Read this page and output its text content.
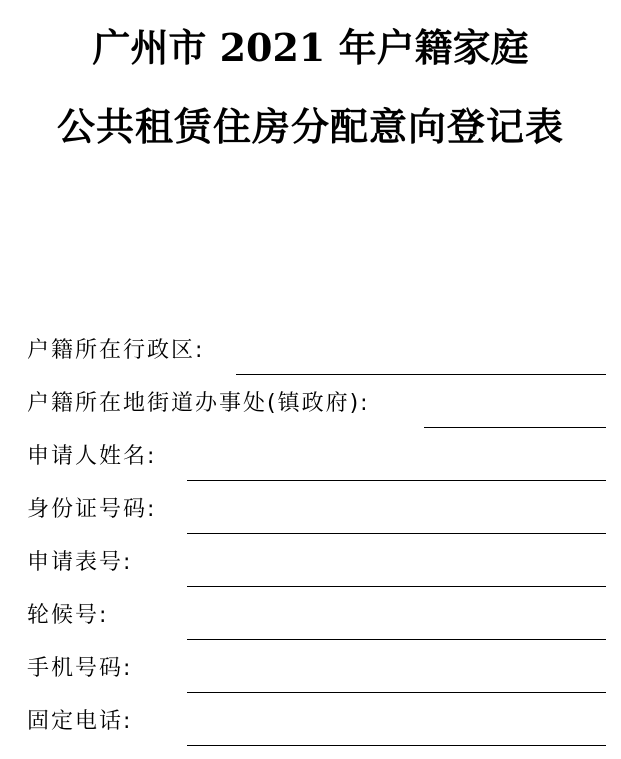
广州市 2021 年户籍家庭
公共租赁住房分配意向登记表
户籍所在行政区:
户籍所在地街道办事处(镇政府):
申请人姓名:
身份证号码:
申请表号:
轮候号:
手机号码:
固定电话:
